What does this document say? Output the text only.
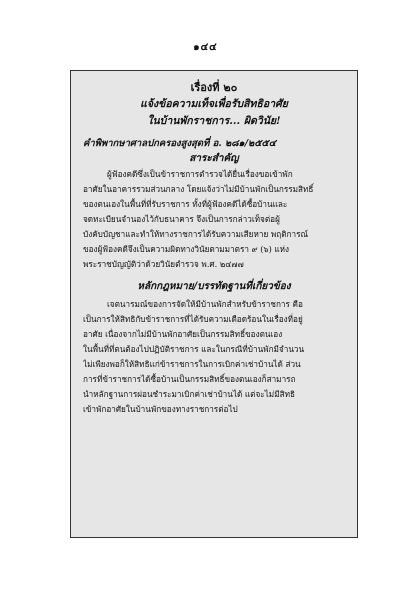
๑๔๔
เรื่องที่ ๒๐
แจ้งข้อความเท็จเพื่อรับสิทธิอาศัย
ในบ้านพักราชการ... ผิดวินัย!
คำพิพากษาศาลปกครองสูงสุดที่ อ. ๒๘๑/๒๕๕๔
สาระสำคัญ
ผู้ฟ้องคดีซึ่งเป็นข้าราชการตำรวจได้ยื่นเรื่องขอเข้าพัก
อาศัยในอาคารรวมส่วนกลาง โดยแจ้งว่าไม่มีบ้านพักเป็นกรรมสิทธิ์
ของตนเองในพื้นที่ที่รับราชการ ทั้งที่ผู้ฟ้องคดีได้ซื้อบ้านและ
จดทะเบียนจำนองไว้กับธนาคาร จึงเป็นการกล่าวเท็จต่อผู้
บังคับบัญชาและทำให้ทางราชการได้รับความเสียหาย พฤติการณ์
ของผู้ฟ้องคดีจึงเป็นความผิดทางวินัยตามมาตรา ๙ (๖) แห่ง
พระราชบัญญัติว่าด้วยวินัยตำรวจ พ.ศ. ๒๔๗๗
หลักกฎหมาย/บรรทัดฐานที่เกี่ยวข้อง
เจตนารมณ์ของการจัดให้มีบ้านพักสำหรับข้าราชการ คือ
เป็นการให้สิทธิกับข้าราชการที่ได้รับความเดือดร้อนในเรื่องที่อยู่
อาศัย เนื่องจากไม่มีบ้านพักอาศัยเป็นกรรมสิทธิ์ของตนเอง
ในพื้นที่ที่ตนต้องไปปฏิบัติราชการ และในกรณีที่บ้านพักมีจำนวน
ไม่เพียงพอก็ให้สิทธิแก่ข้าราชการในการเบิกค่าเช่าบ้านได้ ส่วน
การที่ข้าราชการได้ซื้อบ้านเป็นกรรมสิทธิ์ของตนเองก็สามารถ
นำหลักฐานการผ่อนชำระมาเบิกค่าเช่าบ้านได้ แต่จะไม่มีสิทธิ
เข้าพักอาศัยในบ้านพักของทางราชการต่อไป
